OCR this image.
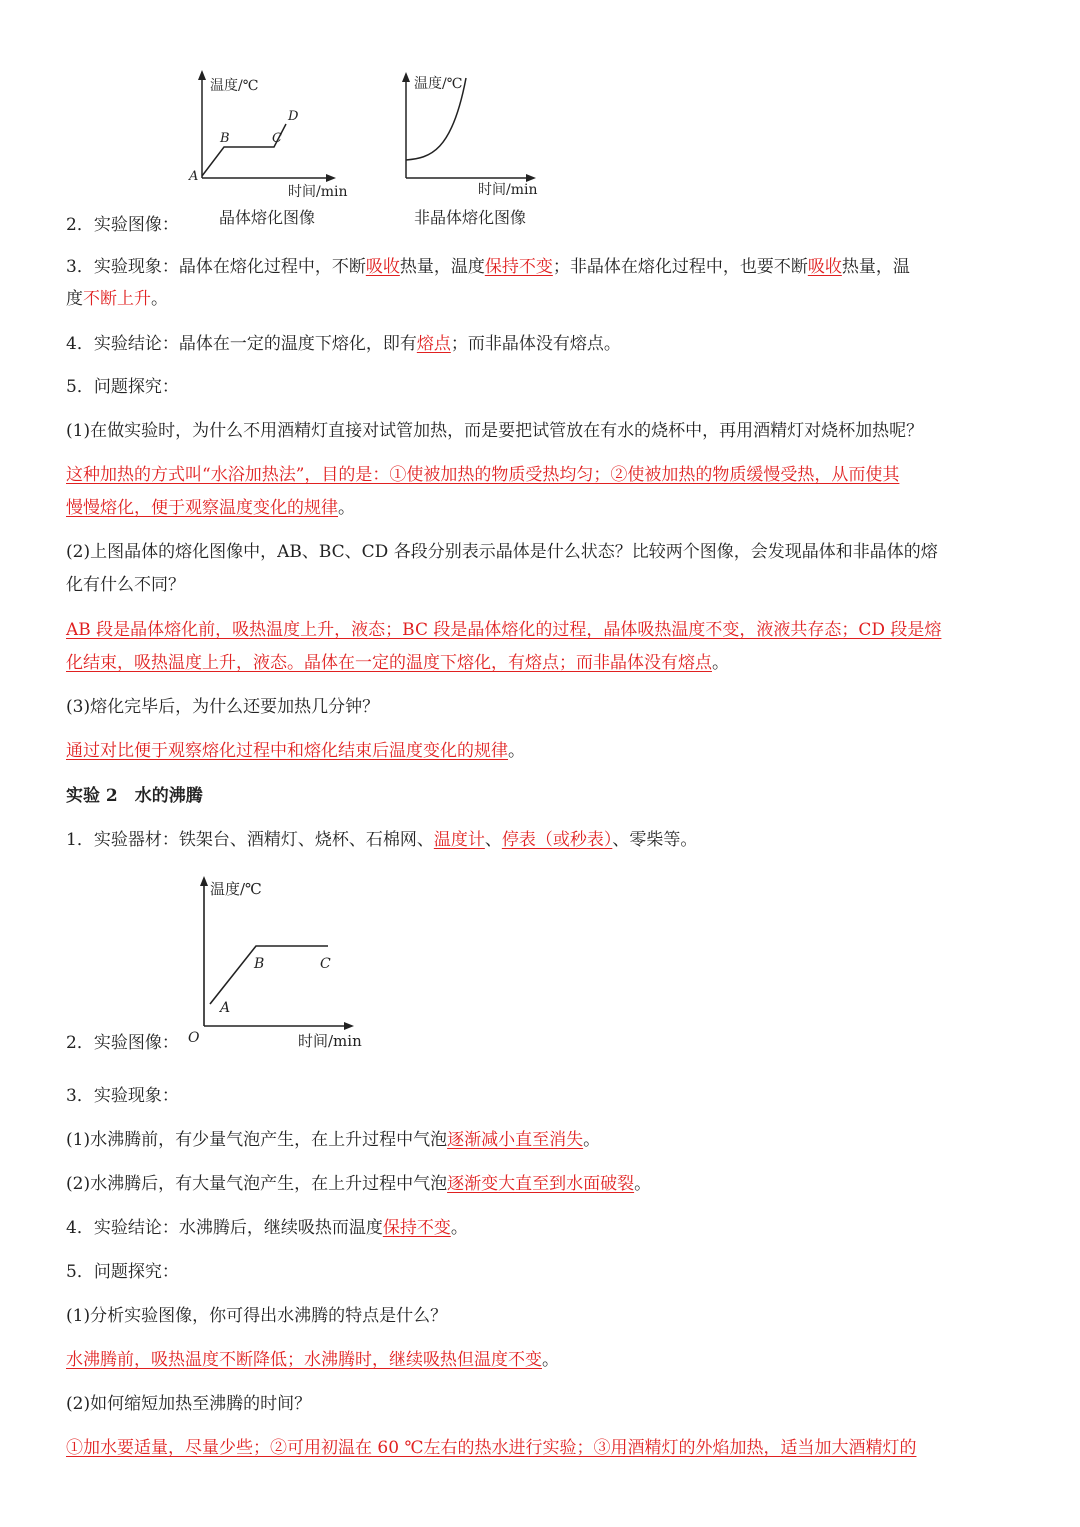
温度/℃
时间/min
A
B	C
D
晶体熔化图像
温度/℃
时间/min
非晶体熔化图像
2．实验图像：
3．实验现象：晶体在熔化过程中，不断吸收热量，温度保持不变；非晶体在熔化过程中，也要不断吸收热量，温
度不断上升。
4．实验结论：晶体在一定的温度下熔化，即有熔点；而非晶体没有熔点。
5．问题探究：
(1)在做实验时，为什么不用酒精灯直接对试管加热，而是要把试管放在有水的烧杯中，再用酒精灯对烧杯加热呢？
这种加热的方式叫“水浴加热法”，目的是：①使被加热的物质受热均匀；②使被加热的物质缓慢受热，从而使其
慢慢熔化，便于观察温度变化的规律。
(2)上图晶体的熔化图像中，AB、BC、CD 各段分别表示晶体是什么状态？比较两个图像，会发现晶体和非晶体的熔
化有什么不同？
AB 段是晶体熔化前，吸热温度上升，液态；BC 段是晶体熔化的过程，晶体吸热温度不变，液液共存态；CD 段是熔
化结束，吸热温度上升，液态。晶体在一定的温度下熔化，有熔点；而非晶体没有熔点。
(3)熔化完毕后，为什么还要加热几分钟？
通过对比便于观察熔化过程中和熔化结束后温度变化的规律。
实验 2　水的沸腾
1．实验器材：铁架台、酒精灯、烧杯、石棉网、温度计、停表（或秒表）、零柴等。
温度/℃
时间/min
O
A
B	C
2．实验图像：
3．实验现象：
(1)水沸腾前，有少量气泡产生，在上升过程中气泡逐渐减小直至消失。
(2)水沸腾后，有大量气泡产生，在上升过程中气泡逐渐变大直至到水面破裂。
4．实验结论：水沸腾后，继续吸热而温度保持不变。
5．问题探究：
(1)分析实验图像，你可得出水沸腾的特点是什么？
水沸腾前，吸热温度不断降低；水沸腾时，继续吸热但温度不变。
(2)如何缩短加热至沸腾的时间？
①加水要适量，尽量少些；②可用初温在 60 ℃左右的热水进行实验；③用酒精灯的外焰加热，适当加大酒精灯的
